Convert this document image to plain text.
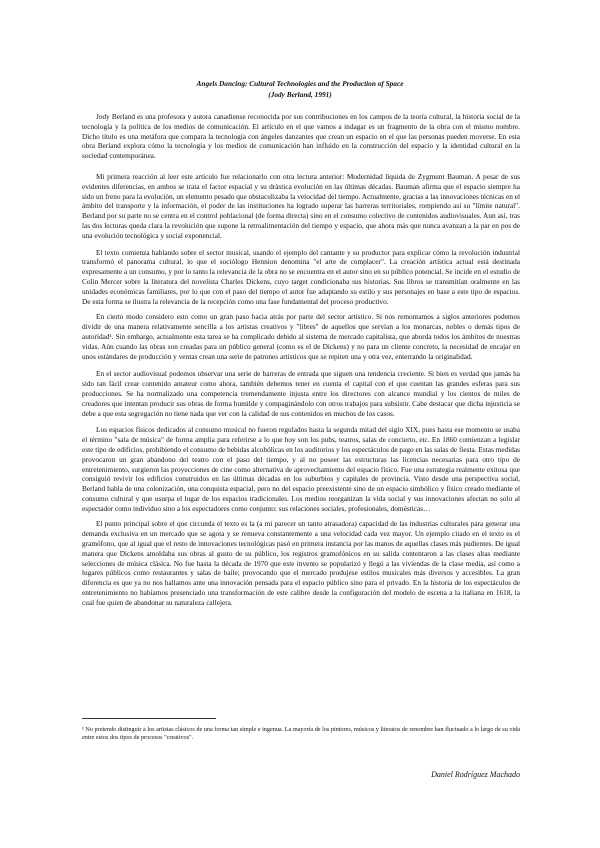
Angels Dancing: Cultural Technologies and the Production of Space
(Jody Berland, 1991)

Jody Berland es una profesora y autora canadiense reconocida por sus contribuciones en los campos de la teoría cultural, la historia social de la tecnología y la política de los medios de comunicación. El artículo en el que vamos a indagar es un fragmento de la obra con el mismo nombre. Dicho título es una metáfora que compara la tecnología con ángeles danzantes que crean un espacio en el que las personas pueden moverse. En esta obra Berland explora cómo la tecnología y los medios de comunicación han influido en la construcción del espacio y la identidad cultural en la sociedad contemporánea.

Mi primera reacción al leer este artículo fue relacionarlo con otra lectura anterior: Modernidad líquida de Zygmunt Bauman. A pesar de sus evidentes diferencias, en ambos se trata el factor espacial y su drástica evolución en las últimas décadas. Bauman afirma que el espacio siempre ha sido un freno para la evolución, un elemento pesado que obstaculizaba la velocidad del tiempo. Actualmente, gracias a las innovaciones técnicas en el ámbito del transporte y la información, el poder de las instituciones ha logrado superar las barreras territoriales, rompiendo así su "límite natural". Berland por su parte no se centra en el control poblacional (de forma directa) sino en el consumo colectivo de contenidos audiovisuales. Aun así, tras las dos lecturas queda clara la revolución que supone la retroalimentación del tiempo y espacio, que ahora más que nunca avanzan a la par en pos de una evolución tecnológica y social exponencial.

El texto comienza hablando sobre el sector musical, usando el ejemplo del cantante y su productor para explicar cómo la revolución industrial transformó el panorama cultural, lo que el sociólogo Hennion denomina "el arte de complacer". La creación artística actual está destinada expresamente a un consumo, y por lo tanto la relevancia de la obra no se encuentra en el autor sino en su público potencial. Se incide en el estudio de Colin Mercer sobre la literatura del novelista Charles Dickens, cuyo target condicionaba sus historias. Sus libros se transmitían oralmente en las unidades económicas familiares, por lo que con el paso del tiempo el autor fue adaptando su estilo y sus personajes en base a este tipo de espacios. De esta forma se ilustra la relevancia de la recepción como una fase fundamental del proceso productivo.

En cierto modo considero esto como un gran paso hacia atrás por parte del sector artístico. Si nos remontamos a siglos anteriores podemos dividir de una manera relativamente sencilla a los artistas creativos y "libres" de aquellos que servían a los monarcas, nobles o demás tipos de autoridad¹. Sin embargo, actualmente esta tarea se ha complicado debido al sistema de mercado capitalista, que aborda todos los ámbitos de nuestras vidas. Aún cuando las obras son creadas para un público general (como es el de Dickens) y no para un cliente concreto, la necesidad de encajar en unos estándares de producción y ventas crean una serie de patrones artísticos que se repiten una y otra vez, enterrando la originalidad.

En el sector audiovisual podemos observar una serie de barreras de entrada que siguen una tendencia creciente. Si bien es verdad que jamás ha sido tan fácil crear contenido amateur como ahora, también debemos tener en cuenta el capital con el que cuentan las grandes esferas para sus producciones. Se ha normalizado una competencia tremendamente injusta entre los directores con alcance mundial y los cientos de miles de creadores que intentan producir sus obras de forma humilde y compaginándolo con otros trabajos para subsistir. Cabe destacar que dicha injusticia se debe a que esta segregación no tiene nada que ver con la calidad de sus contenidos en muchos de los casos.

Los espacios físicos dedicados al consumo musical no fueron regulados hasta la segunda mitad del siglo XIX, pues hasta ese momento se usaba el término "sala de música" de forma amplia para referirse a lo que hoy son los pubs, teatros, salas de concierto, etc. En 1860 comienzan a legislar este tipo de edificios, prohibiendo el consumo de bebidas alcohólicas en los auditorios y los espectáculos de pago en las salas de fiesta. Estas medidas provocaron un gran abandono del teatro con el paso del tiempo, y al no poseer las estructuras las licencias necesarias para otro tipo de entretenimiento, surgieron las proyecciones de cine como alternativa de aprovechamiento del espacio físico. Fue una estrategia realmente exitosa que consiguió revivir los edificios construidos en las últimas décadas en los suburbios y capitales de provincia. Visto desde una perspectiva social, Berland habla de una colonización, una conquista espacial, pero no del espacio preexistente sino de un espacio simbólico y físico creado mediante el consumo cultural y que usurpa el lugar de los espacios tradicionales. Los medios reorganizan la vida social y sus innovaciones afectan no solo al espectador como individuo sino a los espectadores como conjunto: sus relaciones sociales, profesionales, domésticas…

El punto principal sobre el que circunda el texto es la (a mi parecer un tanto atrasadora) capacidad de las industrias culturales para generar una demanda exclusiva en un mercado que se agota y se renueva constantemente a una velocidad cada vez mayor. Un ejemplo citado en el texto es el gramófono, que al igual que el resto de innovaciones tecnológicas pasó en primera instancia por las manos de aquellas clases más pudientes. De igual manera que Dickens amoldaba sus obras al gusto de su público, los registros gramofónicos en su salida contentaron a las clases altas mediante selecciones de música clásica. No fue hasta la década de 1970 que este invento se popularizó y llegó a las viviendas de la clase media, así como a lugares públicos como restaurantes y salas de baile; provocando que el mercado produjese estilos musicales más diversos y accesibles. La gran diferencia es que ya no nos hallamos ante una innovación pensada para el espacio público sino para el privado. En la historia de los espectáculos de entretenimiento no habíamos presenciado una transformación de este calibre desde la configuración del modelo de escena a la italiana en 1618, la cual fue quien de abandonar su naturaleza callejera.

¹ No pretendo distinguir a los artistas clásicos de una forma tan simple e ingenua. La mayoría de los pintores, músicos y literatos de renombre han fluctuado a lo largo de su vida entre estos dos tipos de procesos "creativos".
Daniel Rodríguez Machado
